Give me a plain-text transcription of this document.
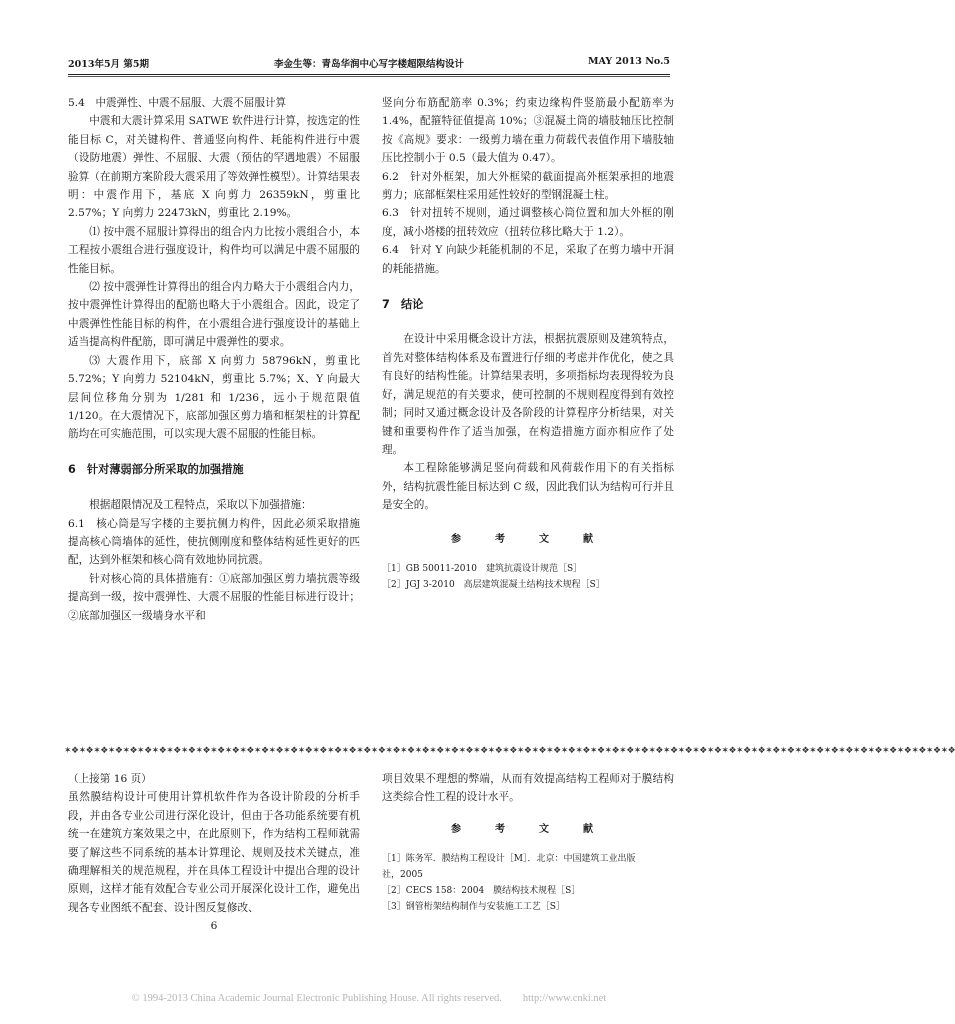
2013年5月 第5期	李金生等：青岛华润中心写字楼超限结构设计	MAY 2013 No.5

5.4　中震弹性、中震不屈服、大震不屈服计算

中震和大震计算采用 SATWE 软件进行计算，按选定的性能目标 C，对关键构件、普通竖向构件、耗能构件进行中震（设防地震）弹性、不屈服、大震（预估的罕遇地震）不屈服验算（在前期方案阶段大震采用了等效弹性模型）。计算结果表明：中震作用下，基底 X 向剪力 26359kN，剪重比 2.57%；Y 向剪力 22473kN，剪重比 2.19%。

⑴ 按中震不屈服计算得出的组合内力比按小震组合小，本工程按小震组合进行强度设计，构件均可以满足中震不屈服的性能目标。

⑵ 按中震弹性计算得出的组合内力略大于小震组合内力，按中震弹性计算得出的配筋也略大于小震组合。因此，设定了中震弹性性能目标的构件，在小震组合进行强度设计的基础上适当提高构件配筋，即可满足中震弹性的要求。

⑶ 大震作用下，底部 X 向剪力 58796kN，剪重比 5.72%；Y 向剪力 52104kN，剪重比 5.7%；X、Y 向最大层间位移角分别为 1/281 和 1/236，远小于规范限值 1/120。在大震情况下，底部加强区剪力墙和框架柱的计算配筋均在可实施范围，可以实现大震不屈服的性能目标。

6　针对薄弱部分所采取的加强措施

根据超限情况及工程特点，采取以下加强措施：

6.1　核心筒是写字楼的主要抗侧力构件，因此必须采取措施提高核心筒墙体的延性，使抗侧刚度和整体结构延性更好的匹配，达到外框架和核心筒有效地协同抗震。

针对核心筒的具体措施有：①底部加强区剪力墙抗震等级提高到一级，按中震弹性、大震不屈服的性能目标进行设计；②底部加强区一级墙身水平和

竖向分布筋配筋率 0.3%；约束边缘构件竖筋最小配筋率为 1.4%，配箍特征值提高 10%；③混凝土筒的墙肢轴压比控制按《高规》要求：一级剪力墙在重力荷载代表值作用下墙肢轴压比控制小于 0.5（最大值为 0.47）。

6.2　针对外框架，加大外框梁的截面提高外框架承担的地震剪力；底部框架柱采用延性较好的型钢混凝土柱。

6.3　针对扭转不规则，通过调整核心筒位置和加大外框的刚度，减小塔楼的扭转效应（扭转位移比略大于 1.2）。

6.4　针对 Y 向缺少耗能机制的不足，采取了在剪力墙中开洞的耗能措施。

7　结论

在设计中采用概念设计方法，根据抗震原则及建筑特点，首先对整体结构体系及布置进行仔细的考虑并作优化，使之具有良好的结构性能。计算结果表明，多项指标均表现得较为良好，满足规范的有关要求，使可控制的不规则程度得到有效控制；同时又通过概念设计及各阶段的计算程序分析结果，对关键和重要构件作了适当加强，在构造措施方面亦相应作了处理。

本工程除能够满足竖向荷载和风荷载作用下的有关指标外，结构抗震性能目标达到 C 级，因此我们认为结构可行并且是安全的。

参　考　文　献

［1］GB 50011-2010　建筑抗震设计规范［S］

［2］JGJ 3-2010　高层建筑混凝土结构技术规程［S］

✶❖✶❖✶❖✶❖✶❖✶❖✶❖✶❖✶❖✶❖✶❖✶❖✶❖✶❖✶❖✶❖✶❖✶❖✶❖✶❖✶❖✶❖✶❖✶❖✶❖✶❖✶❖✶❖✶❖✶❖✶❖✶❖✶❖✶❖✶❖✶❖✶❖✶❖✶❖✶❖✶❖✶❖✶❖✶❖✶❖✶❖✶❖✶❖✶❖✶❖✶❖✶❖✶❖✶❖✶❖✶❖✶❖✶❖✶❖✶❖✶❖

（上接第 16 页）

虽然膜结构设计可使用计算机软件作为各设计阶段的分析手段，并由各专业公司进行深化设计，但由于各功能系统要有机统一在建筑方案效果之中，在此原则下，作为结构工程师就需要了解这些不同系统的基本计算理论、规则及技术关键点，准确理解相关的规范规程，并在具体工程设计中提出合理的设计原则，这样才能有效配合专业公司开展深化设计工作，避免出现各专业图纸不配套、设计图反复修改、

6

项目效果不理想的弊端，从而有效提高结构工程师对于膜结构这类综合性工程的设计水平。

参　考　文　献

［1］陈务军．膜结构工程设计［M］．北京：中国建筑工业出版

社，2005

［2］CECS 158：2004　膜结构技术规程［S］

［3］钢管桁架结构制作与安装施工工艺［S］

© 1994-2013 China Academic Journal Electronic Publishing House. All rights reserved.　　http://www.cnki.net
